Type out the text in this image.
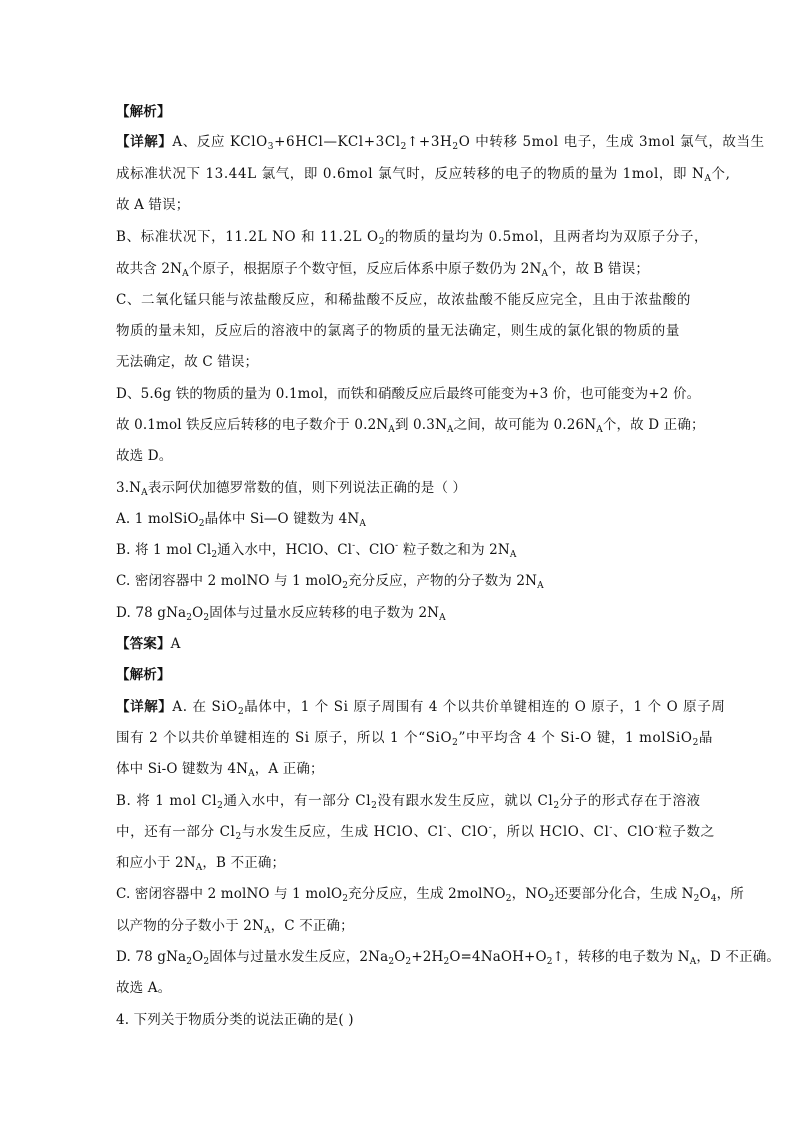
【解析】
【详解】A、反应 $KClO_3+6HCl—KCl+3Cl_2↑+3H_2O$ 中转移 5mol 电子，生成 3mol 氯气，故当生
成标准状况下 13.44L 氯气，即 0.6mol 氯气时，反应转移的电子的物质的量为 1mol，即 $N_A$个,
故 A 错误；
B、标准状况下，11.2L NO 和 11.2L $O_2$的物质的量均为 0.5mol，且两者均为双原子分子，
故共含 $2N_A$个原子，根据原子个数守恒，反应后体系中原子数仍为 $2N_A$个，故 B 错误；
C、二氧化锰只能与浓盐酸反应，和稀盐酸不反应，故浓盐酸不能反应完全，且由于浓盐酸的
物质的量未知，反应后的溶液中的氯离子的物质的量无法确定，则生成的氯化银的物质的量
无法确定，故 C 错误；
D、5.6g 铁的物质的量为 0.1mol，而铁和硝酸反应后最终可能变为+3 价，也可能变为+2 价。
故 0.1mol 铁反应后转移的电子数介于 $0.2N_A$到 $0.3N_A$之间，故可能为 $0.26N_A$个，故 D 正确；
故选 D。
$3.N_A$表示阿伏加德罗常数的值，则下列说法正确的是（ ）
A. 1 molSiO$_2$晶体中 Si—O 键数为 $4N_A$
B. 将 1 mol $Cl_2$通入水中，HClO、Cl-、ClO- 粒子数之和为 $2N_A$
C. 密闭容器中 2 molNO 与 1 molO$_2$充分反应，产物的分子数为 $2N_A$
D. 78 $gNa_2O_2$固体与过量水反应转移的电子数为 $2N_A$
【答案】A
【解析】
【详解】A. 在 SiO$_2$晶体中，1 个 Si 原子周围有 4 个以共价单键相连的 O 原子，1 个 O 原子周
围有 2 个以共价单键相连的 Si 原子，所以 1 个“SiO$_2$”中平均含 4 个 Si-O 键，1 molSiO$_2$晶
体中 Si-O 键数为 $4N_A$，A 正确；
B. 将 1 mol $Cl_2$通入水中，有一部分 $Cl_2$没有跟水发生反应，就以 $Cl_2$分子的形式存在于溶液
中，还有一部分 $Cl_2$与水发生反应，生成 HClO、Cl-、ClO-，所以 HClO、Cl-、ClO-粒子数之
和应小于 $2N_A$，B 不正确；
C. 密闭容器中 2 molNO 与 1 molO$_2$充分反应，生成 2molNO$_2$，$NO_2$还要部分化合，生成 $N_2O_4$，所
以产物的分子数小于 $2N_A$，C 不正确；
D. 78 $gNa_2O_2$固体与过量水发生反应，$2Na_2O_2+2H_2O=4NaOH+O_2↑$，转移的电子数为 $N_A$，D 不正确。
故选 A。
4. 下列关于物质分类的说法正确的是( )
